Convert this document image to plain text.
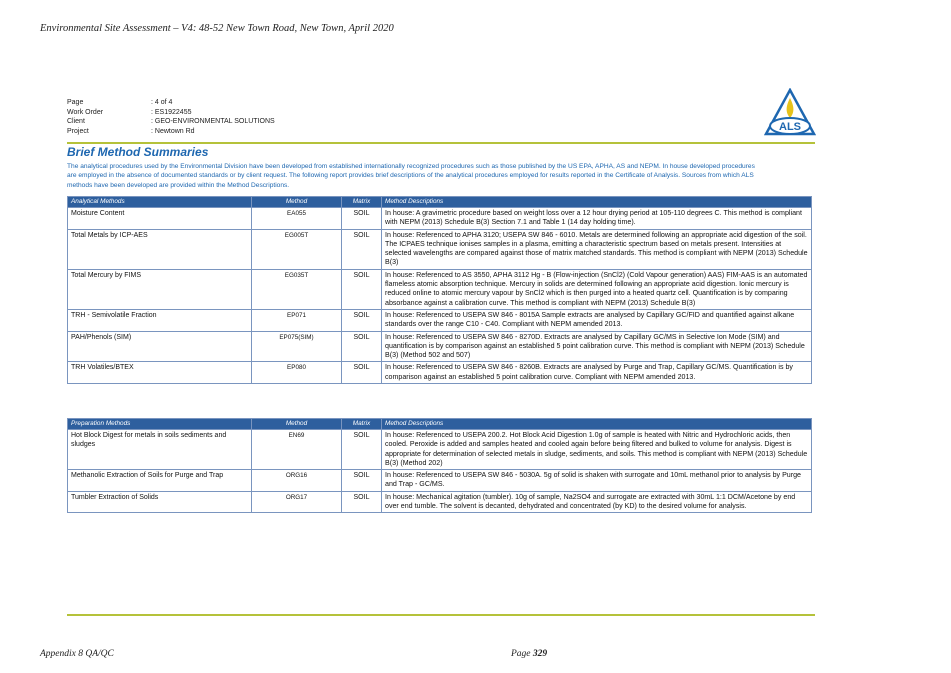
Environmental Site Assessment – V4: 48-52 New Town Road, New Town, April 2020
Page	: 4 of 4
Work Order	: ES1922455
Client	: GEO-ENVIRONMENTAL SOLUTIONS
Project	: Newtown Rd	ALS
Brief Method Summaries
The analytical procedures used by the Environmental Division have been developed from established internationally recognized procedures such as those published by the US EPA, APHA, AS and NEPM. In house developed procedures are employed in the absence of documented standards or by client request. The following report provides brief descriptions of the analytical procedures employed for results reported in the Certificate of Analysis. Sources from which ALS methods have been developed are provided within the Method Descriptions.
Analytical Methods	Method	Matrix	Method Descriptions
Moisture Content	EA055	SOIL	In house: A gravimetric procedure based on weight loss over a 12 hour drying period at 105-110 degrees C. This method is compliant with NEPM (2013) Schedule B(3) Section 7.1 and Table 1 (14 day holding time).
Total Metals by ICP-AES	EG005T	SOIL	In house: Referenced to APHA 3120; USEPA SW 846 - 6010. Metals are determined following an appropriate acid digestion of the soil. The ICPAES technique ionises samples in a plasma, emitting a characteristic spectrum based on metals present. Intensities at selected wavelengths are compared against those of matrix matched standards. This method is compliant with NEPM (2013) Schedule B(3)
Total Mercury by FIMS	EG035T	SOIL	In house: Referenced to AS 3550, APHA 3112 Hg - B (Flow-injection (SnCl2) (Cold Vapour generation) AAS) FIM-AAS is an automated flameless atomic absorption technique. Mercury in solids are determined following an appropriate acid digestion. Ionic mercury is reduced online to atomic mercury vapour by SnCl2 which is then purged into a heated quartz cell. Quantification is by comparing absorbance against a calibration curve. This method is compliant with NEPM (2013) Schedule B(3)
TRH - Semivolatile Fraction	EP071	SOIL	In house: Referenced to USEPA SW 846 - 8015A Sample extracts are analysed by Capillary GC/FID and quantified against alkane standards over the range C10 - C40. Compliant with NEPM amended 2013.
PAH/Phenols (SIM)	EP075(SIM)	SOIL	In house: Referenced to USEPA SW 846 - 8270D. Extracts are analysed by Capillary GC/MS in Selective Ion Mode (SIM) and quantification is by comparison against an established 5 point calibration curve. This method is compliant with NEPM (2013) Schedule B(3) (Method 502 and 507)
TRH Volatiles/BTEX	EP080	SOIL	In house: Referenced to USEPA SW 846 - 8260B. Extracts are analysed by Purge and Trap, Capillary GC/MS. Quantification is by comparison against an established 5 point calibration curve. Compliant with NEPM amended 2013.
Preparation Methods	Method	Matrix	Method Descriptions
Hot Block Digest for metals in soils sediments and sludges	EN69	SOIL	In house: Referenced to USEPA 200.2. Hot Block Acid Digestion 1.0g of sample is heated with Nitric and Hydrochloric acids, then cooled. Peroxide is added and samples heated and cooled again before being filtered and bulked to volume for analysis. Digest is appropriate for determination of selected metals in sludge, sediments, and soils. This method is compliant with NEPM (2013) Schedule B(3) (Method 202)
Methanolic Extraction of Soils for Purge and Trap	ORG16	SOIL	In house: Referenced to USEPA SW 846 - 5030A. 5g of solid is shaken with surrogate and 10mL methanol prior to analysis by Purge and Trap - GC/MS.
Tumbler Extraction of Solids	ORG17	SOIL	In house: Mechanical agitation (tumbler). 10g of sample, Na2SO4 and surrogate are extracted with 30mL 1:1 DCM/Acetone by end over end tumble. The solvent is decanted, dehydrated and concentrated (by KD) to the desired volume for analysis.
Appendix 8 QA/QC	Page 329
